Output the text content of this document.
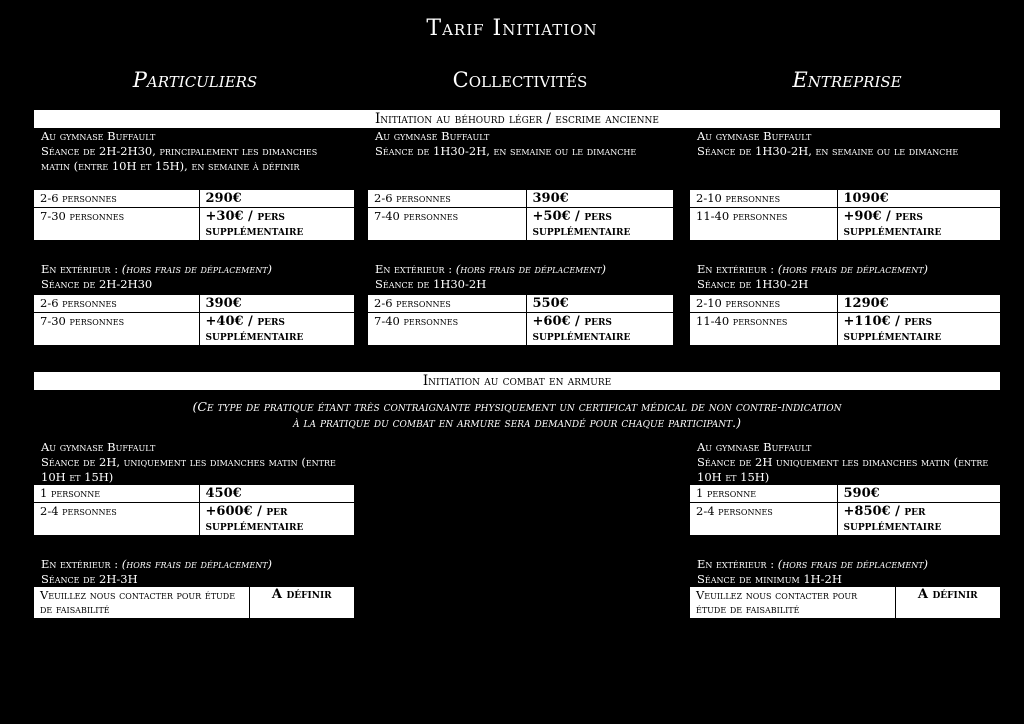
Tarif Initiation
Particuliers	Collectivités	Entreprise
Initiation au béhourd léger / escrime ancienne
Au gymnase Buffault
Séance de 2H-2H30, principalement les dimanches matin (entre 10H et 15H), en semaine à définir
2-6 personnes	290€
7-30 personnes	+30€ / pers supplémentaire
En extérieur : (hors frais de déplacement)
Séance de 2H-2H30
2-6 personnes	390€
7-30 personnes	+40€ / pers supplémentaire
Au gymnase Buffault
Séance de 1H30-2H, en semaine ou le dimanche
2-6 personnes	390€
7-40 personnes	+50€ / pers supplémentaire
En extérieur : (hors frais de déplacement)
Séance de 1H30-2H
2-6 personnes	550€
7-40 personnes	+60€ / pers supplémentaire
Au gymnase Buffault
Séance de 1H30-2H, en semaine ou le dimanche
2-10 personnes	1090€
11-40 personnes	+90€ / pers supplémentaire
En extérieur : (hors frais de déplacement)
Séance de 1H30-2H
2-10 personnes	1290€
11-40 personnes	+110€ / pers supplémentaire
Initiation au combat en armure
(Ce type de pratique étant très contraignante physiquement un certificat médical de non contre-indication
à la pratique du combat en armure sera demandé pour chaque participant.)
Au gymnase Buffault
Séance de 2H, uniquement les dimanches matin (entre 10H et 15H)
1 personne	450€
2-4 personnes	+600€ / per supplémentaire
En extérieur : (hors frais de déplacement)
Séance de 2H-3H
Veuillez nous contacter pour étude de faisabilité	A définir
Au gymnase Buffault
Séance de 2H uniquement les dimanches matin (entre 10H et 15H)
1 personne	590€
2-4 personnes	+850€ / per supplémentaire
En extérieur : (hors frais de déplacement)
Séance de minimum 1H-2H
Veuillez nous contacter pour étude de faisabilité	A définir
